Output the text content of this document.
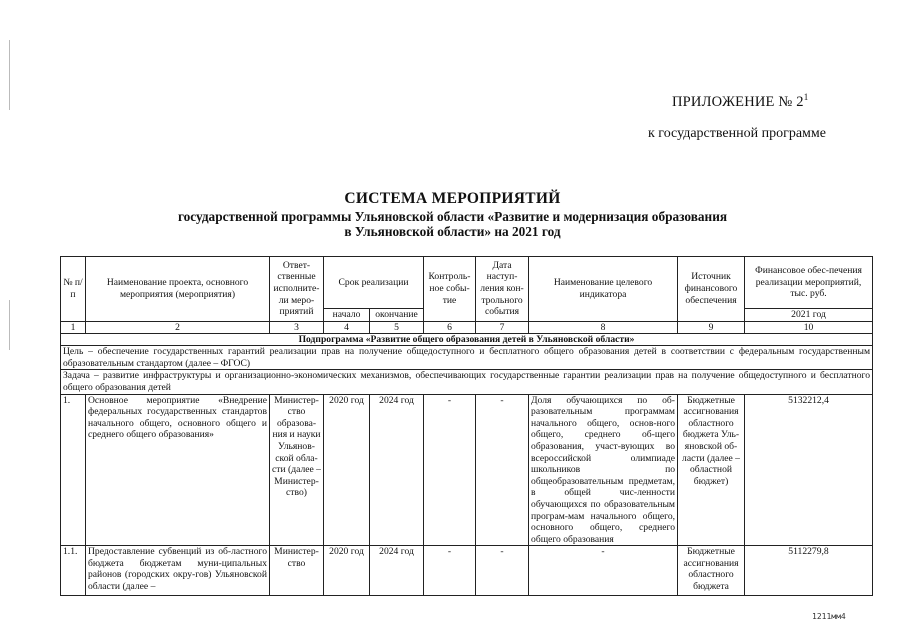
ПРИЛОЖЕНИЕ № $2^1$
к государственной программе
СИСТЕМА МЕРОПРИЯТИЙ
государственной программы Ульяновской области «Развитие и модернизация образования
в Ульяновской области» на 2021 год
№ п/п	Наименование проекта, основного мероприятия (мероприятия)	Ответ-ственные исполните-ли меро-приятий	Срок реализации		Контроль-ное собы-тие	Дата наступ-ления кон-трольного события	Наименование целевого индикатора	Источник финансового обеспечения	Финансовое обес-печения реализации мероприятий, тыс. руб.
			начало	окончание					2021 год
1	2	3	4	5	6	7	8	9	10
Подпрограмма «Развитие общего образования детей в Ульяновской области»									
Цель – обеспечение государственных гарантий реализации прав на получение общедоступного и бесплатного общего образования детей в соответствии с федеральным государственным образовательным стандартом (далее – ФГОС)									
Задача – развитие инфраструктуры и организационно-экономических механизмов, обеспечивающих государственные гарантии реализации прав на получение общедоступного и бесплатного общего образования детей									
1.	Основное мероприятие «Внедрение федеральных государственных стандартов начального общего, основного общего и среднего общего образования»	Министер-ство образова-ния и науки Ульянов-ской обла-сти (далее – Министер-ство)	2020 год	2024 год	-	-	Доля обучающихся по об-разовательным программам начального общего, основ-ного общего, среднего об-щего образования, участ-вующих во всероссийской олимпиаде школьников по общеобразовательным предметам, в общей чис-ленности обучающихся по образовательным програм-мам начального общего, основного общего, среднего общего образования	Бюджетные ассигнования областного бюджета Уль-яновской об-ласти (далее – областной бюджет)	5132212,4
1.1.	Предоставление субвенций из об-ластного бюджета бюджетам муни-ципальных районов (городских окру-гов) Ульяновской области (далее –	Министер-ство	2020 год	2024 год	-	-	-	Бюджетные ассигнования областного бюджета	5112279,8
1211мм4
